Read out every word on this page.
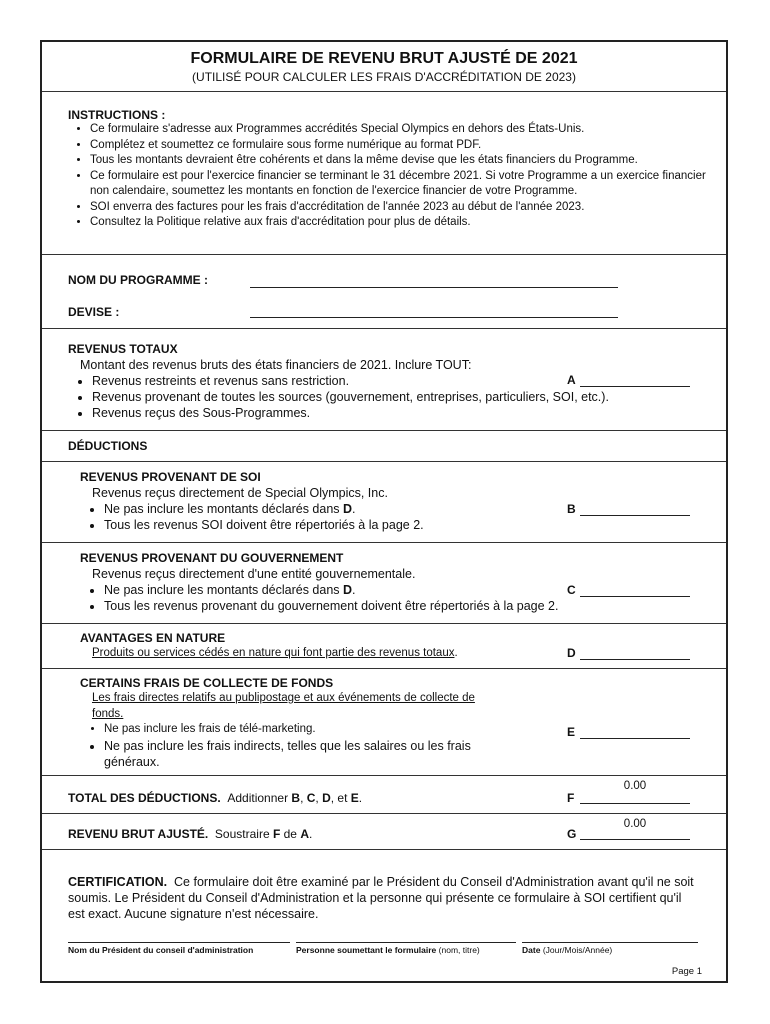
FORMULAIRE DE REVENU BRUT AJUSTÉ DE 2021
(UTILISÉ POUR CALCULER LES FRAIS D'ACCRÉDITATION DE 2023)
INSTRUCTIONS :
• Ce formulaire s'adresse aux Programmes accrédités Special Olympics en dehors des États-Unis.
• Complétez et soumettez ce formulaire sous forme numérique au format PDF.
• Tous les montants devraient être cohérents et dans la même devise que les états financiers du Programme.
• Ce formulaire est pour l'exercice financier se terminant le 31 décembre 2021. Si votre Programme a un exercice financier non calendaire, soumettez les montants en fonction de l'exercice financier de votre Programme.
• SOI enverra des factures pour les frais d'accréditation de l'année 2023 au début de l'année 2023.
• Consultez la Politique relative aux frais d'accréditation pour plus de détails.
NOM DU PROGRAMME :
DEVISE :
REVENUS TOTAUX
Montant des revenus bruts des états financiers de 2021. Inclure TOUT:
• Revenus restreints et revenus sans restriction.
• Revenus provenant de toutes les sources (gouvernement, entreprises, particuliers, SOI, etc.).
• Revenus reçus des Sous-Programmes.
A
DÉDUCTIONS
REVENUS PROVENANT DE SOI
Revenus reçus directement de Special Olympics, Inc.
• Ne pas inclure les montants déclarés dans D.
• Tous les revenus SOI doivent être répertoriés à la page 2.
B
REVENUS PROVENANT DU GOUVERNEMENT
Revenus reçus directement d'une entité gouvernementale.
• Ne pas inclure les montants déclarés dans D.
• Tous les revenus provenant du gouvernement doivent être répertoriés à la page 2.
C
AVANTAGES EN NATURE
Produits ou services cédés en nature qui font partie des revenus totaux.	D
CERTAINS FRAIS DE COLLECTE DE FONDS
Les frais directes relatifs au publipostage et aux événements de collecte de
fonds.
• Ne pas inclure les frais de télé-marketing.
• Ne pas inclure les frais indirects, telles que les salaires ou les frais
généraux.
E
TOTAL DES DÉDUCTIONS. Additionner B, C, D, et E.	F
0.00
REVENU BRUT AJUSTÉ. Soustraire F de A.	G
0.00
CERTIFICATION. Ce formulaire doit être examiné par le Président du Conseil d'Administration avant qu'il ne soit soumis. Le Président du Conseil d'Administration et la personne qui présente ce formulaire à SOI certifient qu'il est exact. Aucune signature n'est nécessaire.
Nom du Président du conseil d'administration	Personne soumettant le formulaire (nom, titre)	Date (Jour/Mois/Année)
Page 1
